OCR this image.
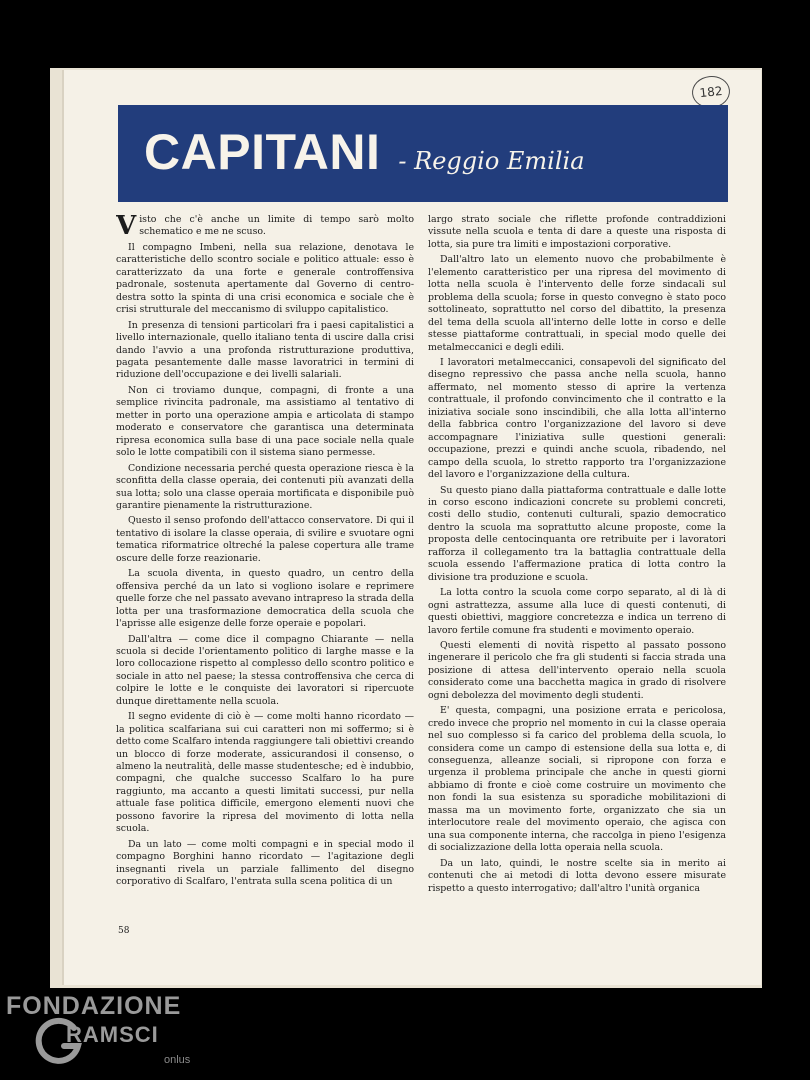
182
CAPITANI - Reggio Emilia

Visto che c'è anche un limite di tempo sarò molto schematico e me ne scuso.

Il compagno Imbeni, nella sua relazione, denotava le caratteristiche dello scontro sociale e politico attuale: esso è caratterizzato da una forte e generale controffensiva padronale, sostenuta apertamente dal Governo di centro-destra sotto la spinta di una crisi economica e sociale che è crisi strutturale del meccanismo di sviluppo capitalistico.

In presenza di tensioni particolari fra i paesi capitalistici a livello internazionale, quello italiano tenta di uscire dalla crisi dando l'avvio a una profonda ristrutturazione produttiva, pagata pesantemente dalle masse lavoratrici in termini di riduzione dell'occupazione e dei livelli salariali.

Non ci troviamo dunque, compagni, di fronte a una semplice rivincita padronale, ma assistiamo al tentativo di metter in porto una operazione ampia e articolata di stampo moderato e conservatore che garantisca una determinata ripresa economica sulla base di una pace sociale nella quale solo le lotte compatibili con il sistema siano permesse.

Condizione necessaria perché questa operazione riesca è la sconfitta della classe operaia, dei contenuti più avanzati della sua lotta; solo una classe operaia mortificata e disponibile può garantire pienamente la ristrutturazione.

Questo il senso profondo dell'attacco conservatore. Di qui il tentativo di isolare la classe operaia, di svilire e svuotare ogni tematica riformatrice oltreché la palese copertura alle trame oscure delle forze reazionarie.

La scuola diventa, in questo quadro, un centro della offensiva perché da un lato si vogliono isolare e reprimere quelle forze che nel passato avevano intrapreso la strada della lotta per una trasformazione democratica della scuola che l'aprisse alle esigenze delle forze operaie e popolari.

Dall'altra — come dice il compagno Chiarante — nella scuola si decide l'orientamento politico di larghe masse e la loro collocazione rispetto al complesso dello scontro politico e sociale in atto nel paese; la stessa controffensiva che cerca di colpire le lotte e le conquiste dei lavoratori si ripercuote dunque direttamente nella scuola.

Il segno evidente di ciò è — come molti hanno ricordato — la politica scalfariana sui cui caratteri non mi soffermo; si è detto come Scalfaro intenda raggiungere tali obiettivi creando un blocco di forze moderate, assicurandosi il consenso, o almeno la neutralità, delle masse studentesche; ed è indubbio, compagni, che qualche successo Scalfaro lo ha pure raggiunto, ma accanto a questi limitati successi, pur nella attuale fase politica difficile, emergono elementi nuovi che possono favorire la ripresa del movimento di lotta nella scuola.

Da un lato — come molti compagni e in special modo il compagno Borghini hanno ricordato — l'agitazione degli insegnanti rivela un parziale fallimento del disegno corporativo di Scalfaro, l'entrata sulla scena politica di un

largo strato sociale che riflette profonde contraddizioni vissute nella scuola e tenta di dare a queste una risposta di lotta, sia pure tra limiti e impostazioni corporative.

Dall'altro lato un elemento nuovo che probabilmente è l'elemento caratteristico per una ripresa del movimento di lotta nella scuola è l'intervento delle forze sindacali sul problema della scuola; forse in questo convegno è stato poco sottolineato, soprattutto nel corso del dibattito, la presenza del tema della scuola all'interno delle lotte in corso e delle stesse piattaforme contrattuali, in special modo quelle dei metalmeccanici e degli edili.

I lavoratori metalmeccanici, consapevoli del significato del disegno repressivo che passa anche nella scuola, hanno affermato, nel momento stesso di aprire la vertenza contrattuale, il profondo convincimento che il contratto e la iniziativa sociale sono inscindibili, che alla lotta all'interno della fabbrica contro l'organizzazione del lavoro si deve accompagnare l'iniziativa sulle questioni generali: occupazione, prezzi e quindi anche scuola, ribadendo, nel campo della scuola, lo stretto rapporto tra l'organizzazione del lavoro e l'organizzazione della cultura.

Su questo piano dalla piattaforma contrattuale e dalle lotte in corso escono indicazioni concrete su problemi concreti, costi dello studio, contenuti culturali, spazio democratico dentro la scuola ma soprattutto alcune proposte, come la proposta delle centocinquanta ore retribuite per i lavoratori rafforza il collegamento tra la battaglia contrattuale della scuola essendo l'affermazione pratica di lotta contro la divisione tra produzione e scuola.

La lotta contro la scuola come corpo separato, al di là di ogni astrattezza, assume alla luce di questi contenuti, di questi obiettivi, maggiore concretezza e indica un terreno di lavoro fertile comune fra studenti e movimento operaio.

Questi elementi di novità rispetto al passato possono ingenerare il pericolo che fra gli studenti si faccia strada una posizione di attesa dell'intervento operaio nella scuola considerato come una bacchetta magica in grado di risolvere ogni debolezza del movimento degli studenti.

E' questa, compagni, una posizione errata e pericolosa, credo invece che proprio nel momento in cui la classe operaia nel suo complesso si fa carico del problema della scuola, lo considera come un campo di estensione della sua lotta e, di conseguenza, alleanze sociali, si ripropone con forza e urgenza il problema principale che anche in questi giorni abbiamo di fronte e cioè come costruire un movimento che non fondi la sua esistenza su sporadiche mobilitazioni di massa ma un movimento forte, organizzato che sia un interlocutore reale del movimento operaio, che agisca con una sua componente interna, che raccolga in pieno l'esigenza di socializzazione della lotta operaia nella scuola.

Da un lato, quindi, le nostre scelte sia in merito ai contenuti che ai metodi di lotta devono essere misurate rispetto a questo interrogativo; dall'altro l'unità organica

58
FONDAZIONE
RAMSCI
onlus
